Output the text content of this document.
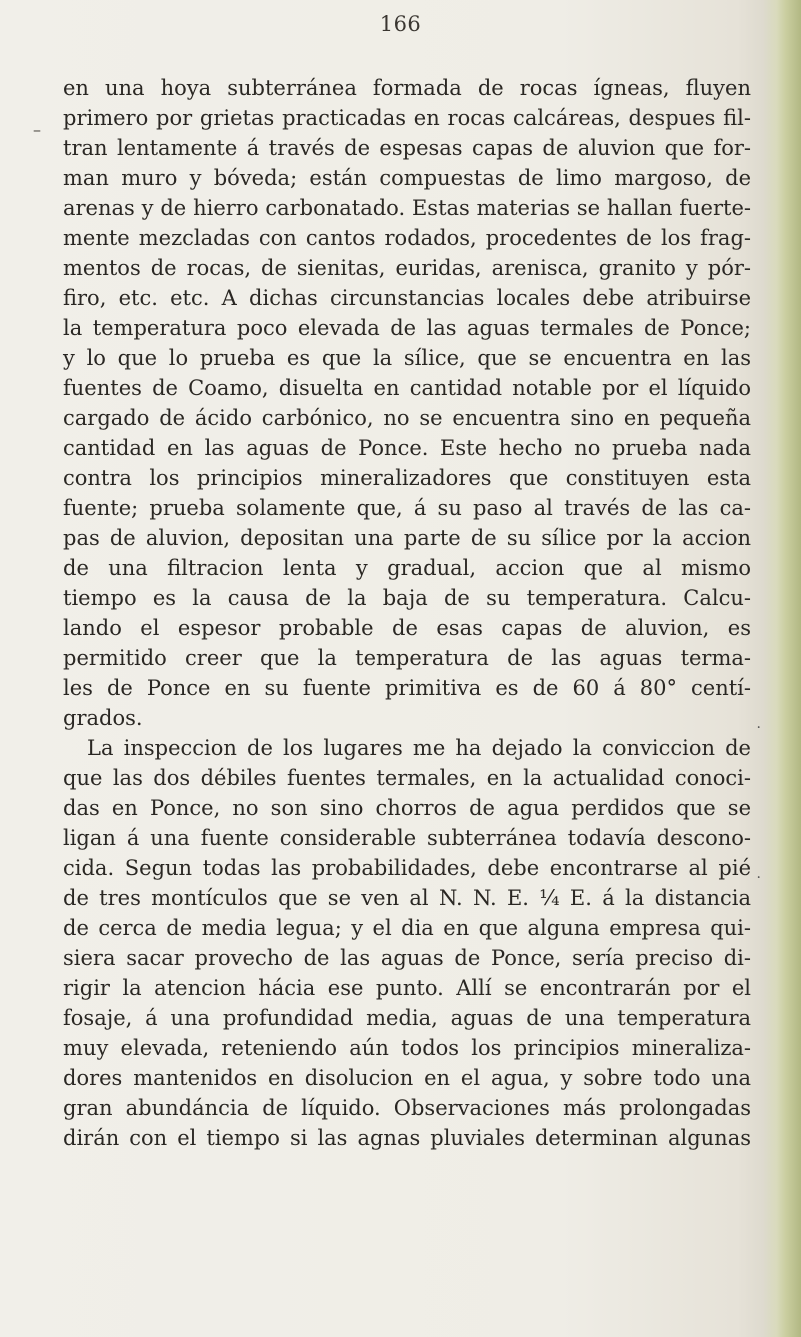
166
–
·
·
en una hoya subterránea formada de rocas ígneas, fluyen
primero por grietas practicadas en rocas calcáreas, despues fil-
tran lentamente á través de espesas capas de aluvion que for-
man muro y bóveda; están compuestas de limo margoso, de
arenas y de hierro carbonatado. Estas materias se hallan fuerte-
mente mezcladas con cantos rodados, procedentes de los frag-
mentos de rocas, de sienitas, euridas, arenisca, granito y pór-
firo, etc. etc. A dichas circunstancias locales debe atribuirse
la temperatura poco elevada de las aguas termales de Ponce;
y lo que lo prueba es que la sílice, que se encuentra en las
fuentes de Coamo, disuelta en cantidad notable por el líquido
cargado de ácido carbónico, no se encuentra sino en pequeña
cantidad en las aguas de Ponce. Este hecho no prueba nada
contra los principios mineralizadores que constituyen esta
fuente; prueba solamente que, á su paso al través de las ca-
pas de aluvion, depositan una parte de su sílice por la accion
de una filtracion lenta y gradual, accion que al mismo
tiempo es la causa de la baja de su temperatura. Calcu-
lando el espesor probable de esas capas de aluvion, es
permitido creer que la temperatura de las aguas terma-
les de Ponce en su fuente primitiva es de 60 á 80° centí-
grados.
La inspeccion de los lugares me ha dejado la conviccion de
que las dos débiles fuentes termales, en la actualidad conoci-
das en Ponce, no son sino chorros de agua perdidos que se
ligan á una fuente considerable subterránea todavía descono-
cida. Segun todas las probabilidades, debe encontrarse al pié
de tres montículos que se ven al N. N. E. ¼ E. á la distancia
de cerca de media legua; y el dia en que alguna empresa qui-
siera sacar provecho de las aguas de Ponce, sería preciso di-
rigir la atencion hácia ese punto. Allí se encontrarán por el
fosaje, á una profundidad media, aguas de una temperatura
muy elevada, reteniendo aún todos los principios mineraliza-
dores mantenidos en disolucion en el agua, y sobre todo una
gran abundáncia de líquido. Observaciones más prolongadas
dirán con el tiempo si las agnas pluviales determinan algunas
